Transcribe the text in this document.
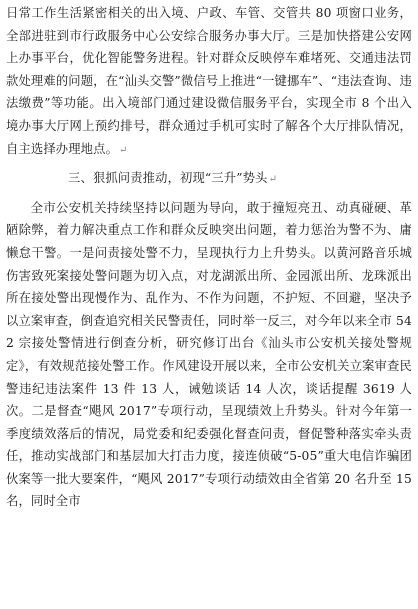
日常工作生活紧密相关的出入境、户政、车管、交管共 80 项窗口业务，全部进驻到市行政服务中心公安综合服务办事大厅。三是加快搭建公安网上办事平台，优化智能警务进程。针对群众反映停车难堵死、交通违法罚款处理难的问题，在“汕头交警”微信号上推进“一键挪车”、“违法查询、违法缴费”等功能。出入境部门通过建设微信服务平台，实现全市 8 个出入境办事大厅网上预约排号，群众通过手机可实时了解各个大厅排队情况，自主选择办理地点。↵

三、狠抓问责推动，初现“三升”势头↵

全市公安机关持续坚持以问题为导向，敢于撞短亮丑、动真碰硬、革陋除弊，着力解决重点工作和群众反映突出问题，着力惩治为警不为、庸懒怠干警。一是问责接处警不力，呈现执行力上升势头。以黄河路音乐城伤害致死案接处警问题为切入点，对龙湖派出所、金园派出所、龙珠派出所在接处警出现慢作为、乱作为、不作为问题，不护短、不回避，坚决予以立案审查，倒查追究相关民警责任，同时举一反三，对今年以来全市 542 宗接处警情进行倒查分析，研究修订出台《汕头市公安机关接处警规定》，有效规范接处警工作。作风建设开展以来，全市公安机关立案审查民警违纪违法案件 13 件 13 人，诫勉谈话 14 人次，谈话提醒 3619 人次。二是督查“飓风 2017”专项行动，呈现绩效上升势头。针对今年第一季度绩效落后的情况，局党委和纪委强化督查问责，督促警种落实牵头责任，推动实战部门和基层加大打击力度，接连侦破“5-05”重大电信诈骗团伙案等一批大要案件，“飓风 2017”专项行动绩效由全省第 20 名升至 15 名，同时全市
